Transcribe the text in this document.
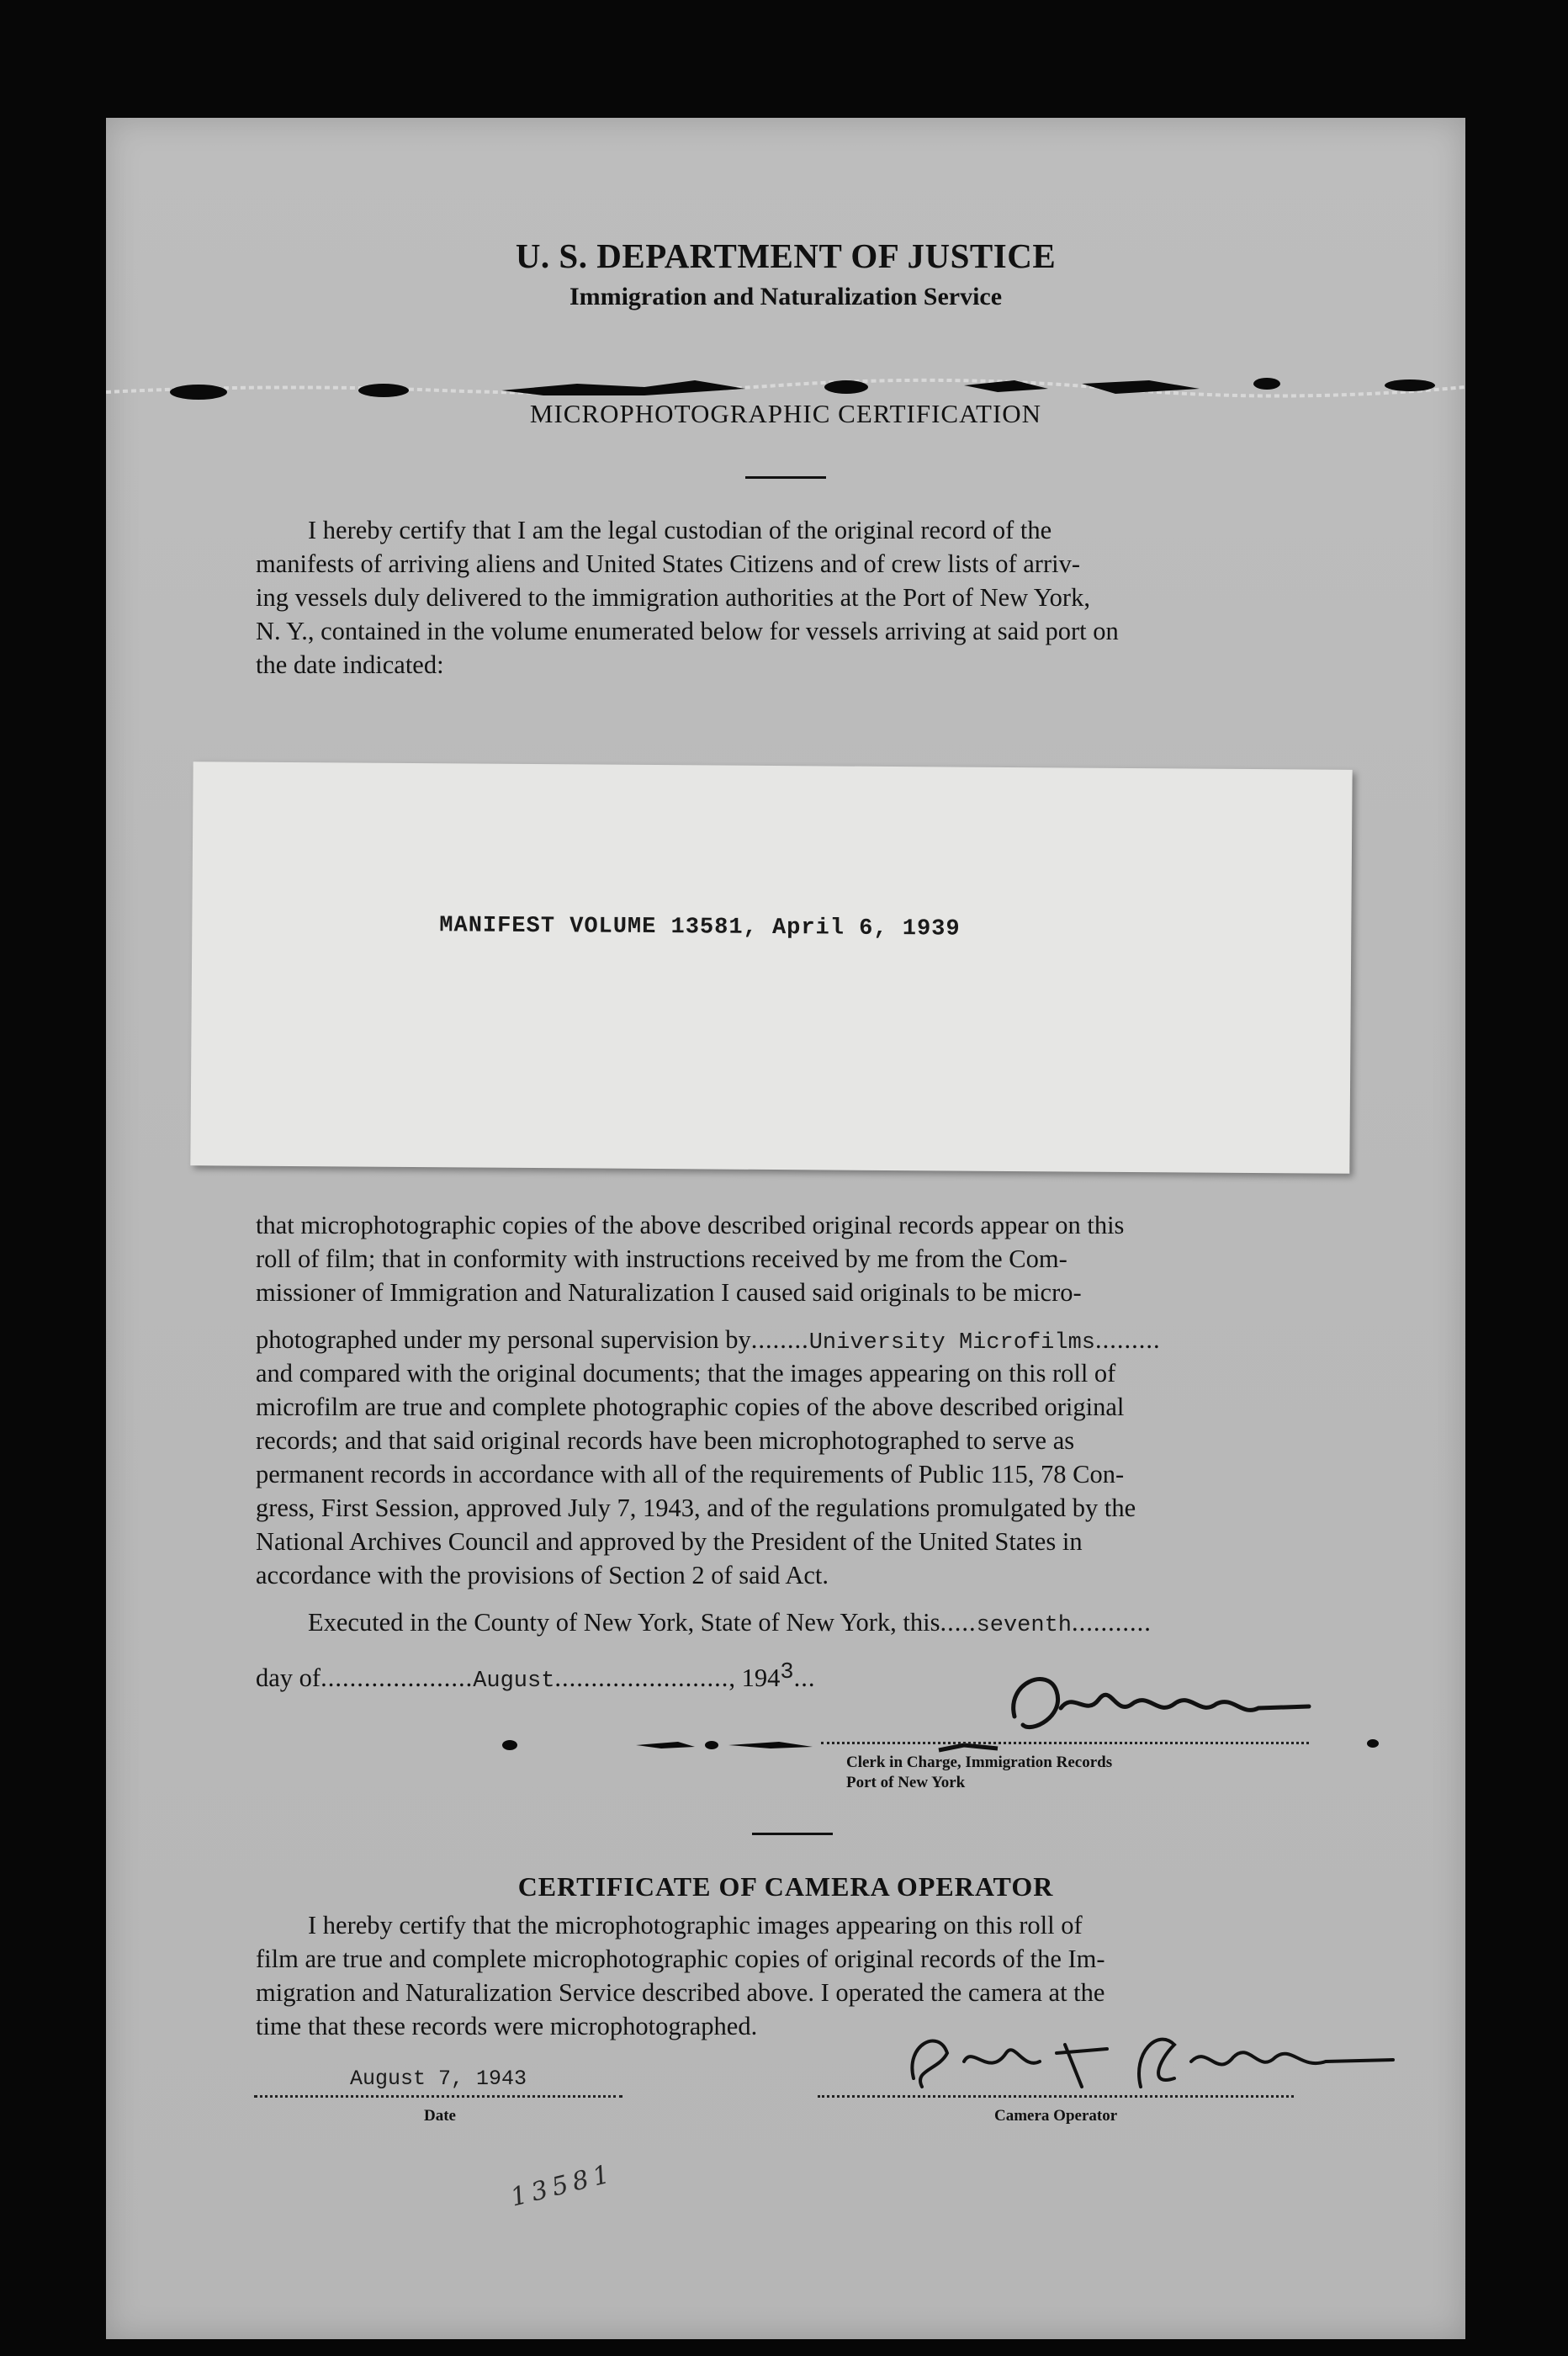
U. S. DEPARTMENT OF JUSTICE
Immigration and Naturalization Service
MICROPHOTOGRAPHIC CERTIFICATION
I hereby certify that I am the legal custodian of the original record of the
manifests of arriving aliens and United States Citizens and of crew lists of arriv-
ing vessels duly delivered to the immigration authorities at the Port of New York,
N. Y., contained in the volume enumerated below for vessels arriving at said port on
the date indicated:
MANIFEST VOLUME 13581, April 6, 1939
that microphotographic copies of the above described original records appear on this
roll of film; that in conformity with instructions received by me from the Com-
missioner of Immigration and Naturalization I caused said originals to be micro-
photographed under my personal supervision by........University Microfilms.........
and compared with the original documents; that the images appearing on this roll of
microfilm are true and complete photographic copies of the above described original
records; and that said original records have been microphotographed to serve as
permanent records in accordance with all of the requirements of Public 115, 78 Con-
gress, First Session, approved July 7, 1943, and of the regulations promulgated by the
National Archives Council and approved by the President of the United States in
accordance with the provisions of Section 2 of said Act.
Executed in the County of New York, State of New York, this.....seventh...........
day of.....................August........................, 1943...
Clerk in Charge, Immigration Records
Port of New York
CERTIFICATE OF CAMERA OPERATOR
I hereby certify that the microphotographic images appearing on this roll of
film are true and complete microphotographic copies of original records of the Im-
migration and Naturalization Service described above. I operated the camera at the
time that these records were microphotographed.
August 7, 1943
Date	Camera Operator
13581
